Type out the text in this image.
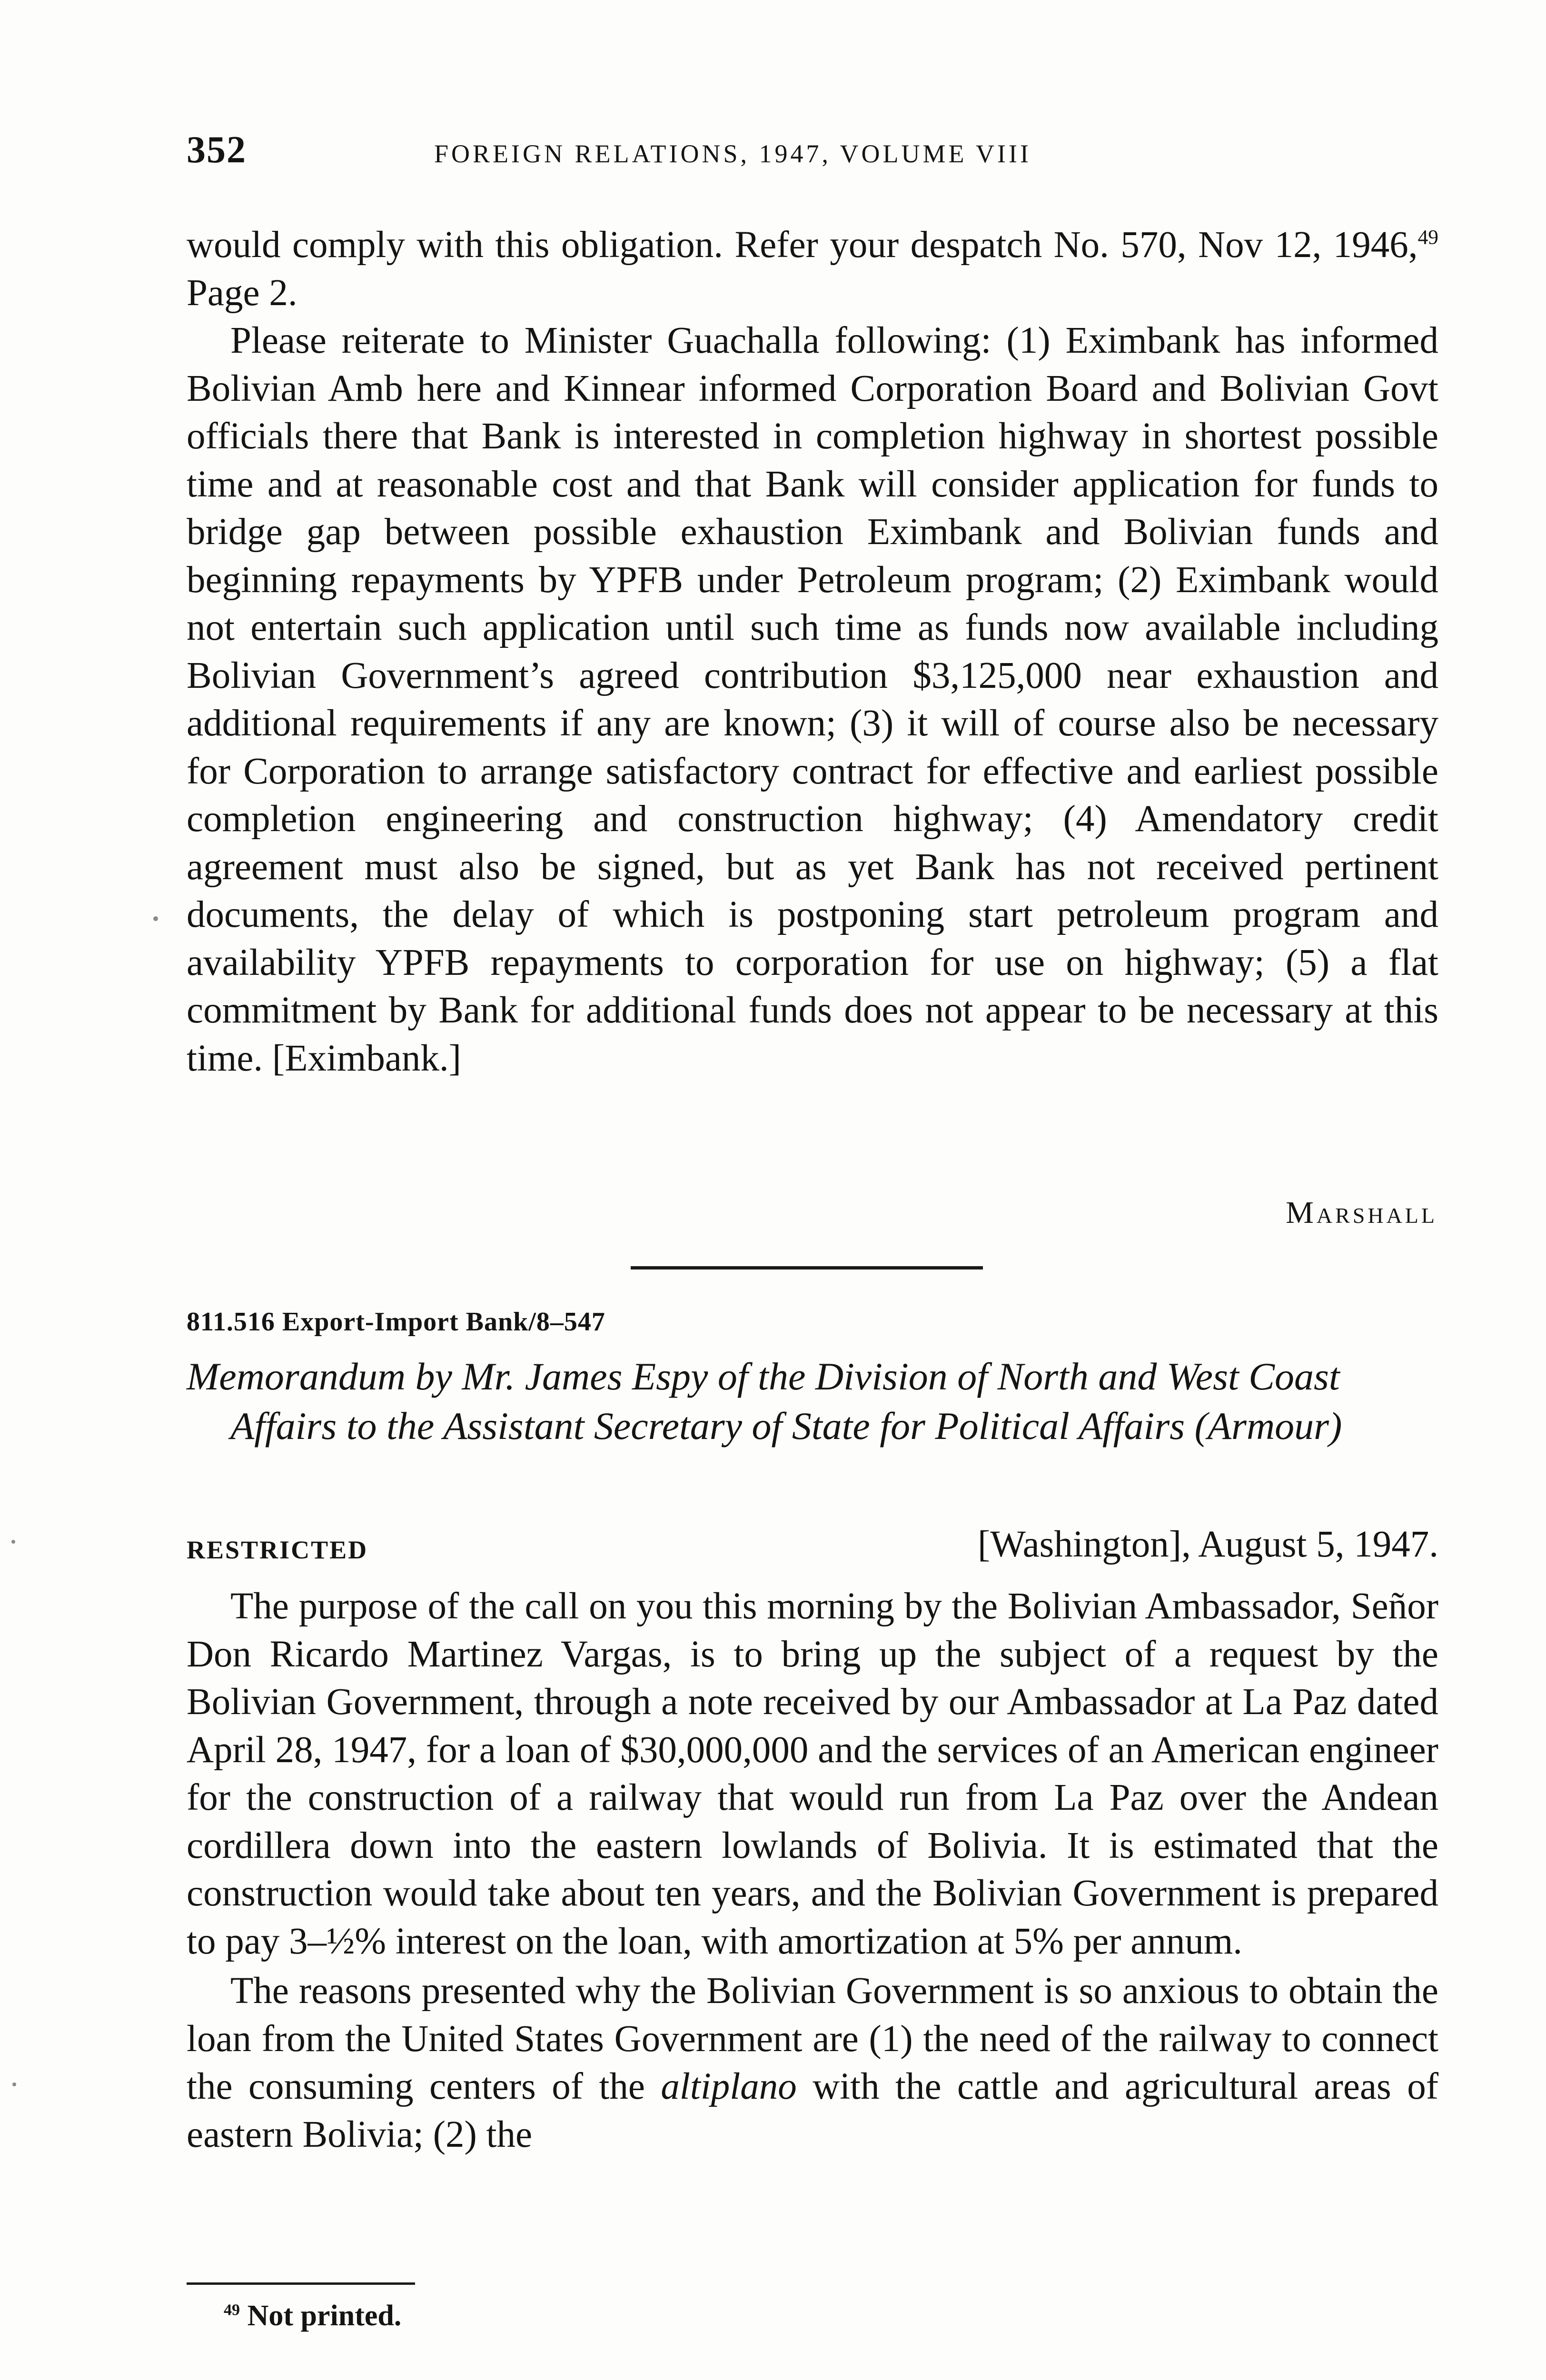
352	FOREIGN RELATIONS, 1947, VOLUME VIII

would comply with this obligation. Refer your despatch No. 570, Nov 12, 1946,49 Page 2.

Please reiterate to Minister Guachalla following: (1) Eximbank has informed Bolivian Amb here and Kinnear informed Corporation Board and Bolivian Govt officials there that Bank is interested in completion highway in shortest possible time and at reasonable cost and that Bank will consider application for funds to bridge gap between possible exhaustion Eximbank and Bolivian funds and beginning repayments by YPFB under Petroleum program; (2) Eximbank would not entertain such application until such time as funds now available including Bolivian Government’s agreed contribution $3,125,000 near exhaustion and additional requirements if any are known; (3) it will of course also be necessary for Corporation to arrange satisfactory contract for effective and earliest possible completion engineering and construction highway; (4) Amendatory credit agreement must also be signed, but as yet Bank has not received pertinent documents, the delay of which is postponing start petroleum program and availability YPFB repayments to corporation for use on highway; (5) a flat commitment by Bank for additional funds does not appear to be necessary at this time. [Eximbank.]

Marshall
811.516 Export-Import Bank/8–547
Memorandum by Mr. James Espy of the Division of North and West Coast Affairs to the Assistant Secretary of State for Political Affairs (Armour)
RESTRICTED	[Washington], August 5, 1947.

The purpose of the call on you this morning by the Bolivian Ambassador, Señor Don Ricardo Martinez Vargas, is to bring up the subject of a request by the Bolivian Government, through a note received by our Ambassador at La Paz dated April 28, 1947, for a loan of $30,000,000 and the services of an American engineer for the construction of a railway that would run from La Paz over the Andean cordillera down into the eastern lowlands of Bolivia. It is estimated that the construction would take about ten years, and the Bolivian Government is prepared to pay 3–½% interest on the loan, with amortization at 5% per annum.

The reasons presented why the Bolivian Government is so anxious to obtain the loan from the United States Government are (1) the need of the railway to connect the consuming centers of the altiplano with the cattle and agricultural areas of eastern Bolivia; (2) the

$^{49}$ Not printed.
